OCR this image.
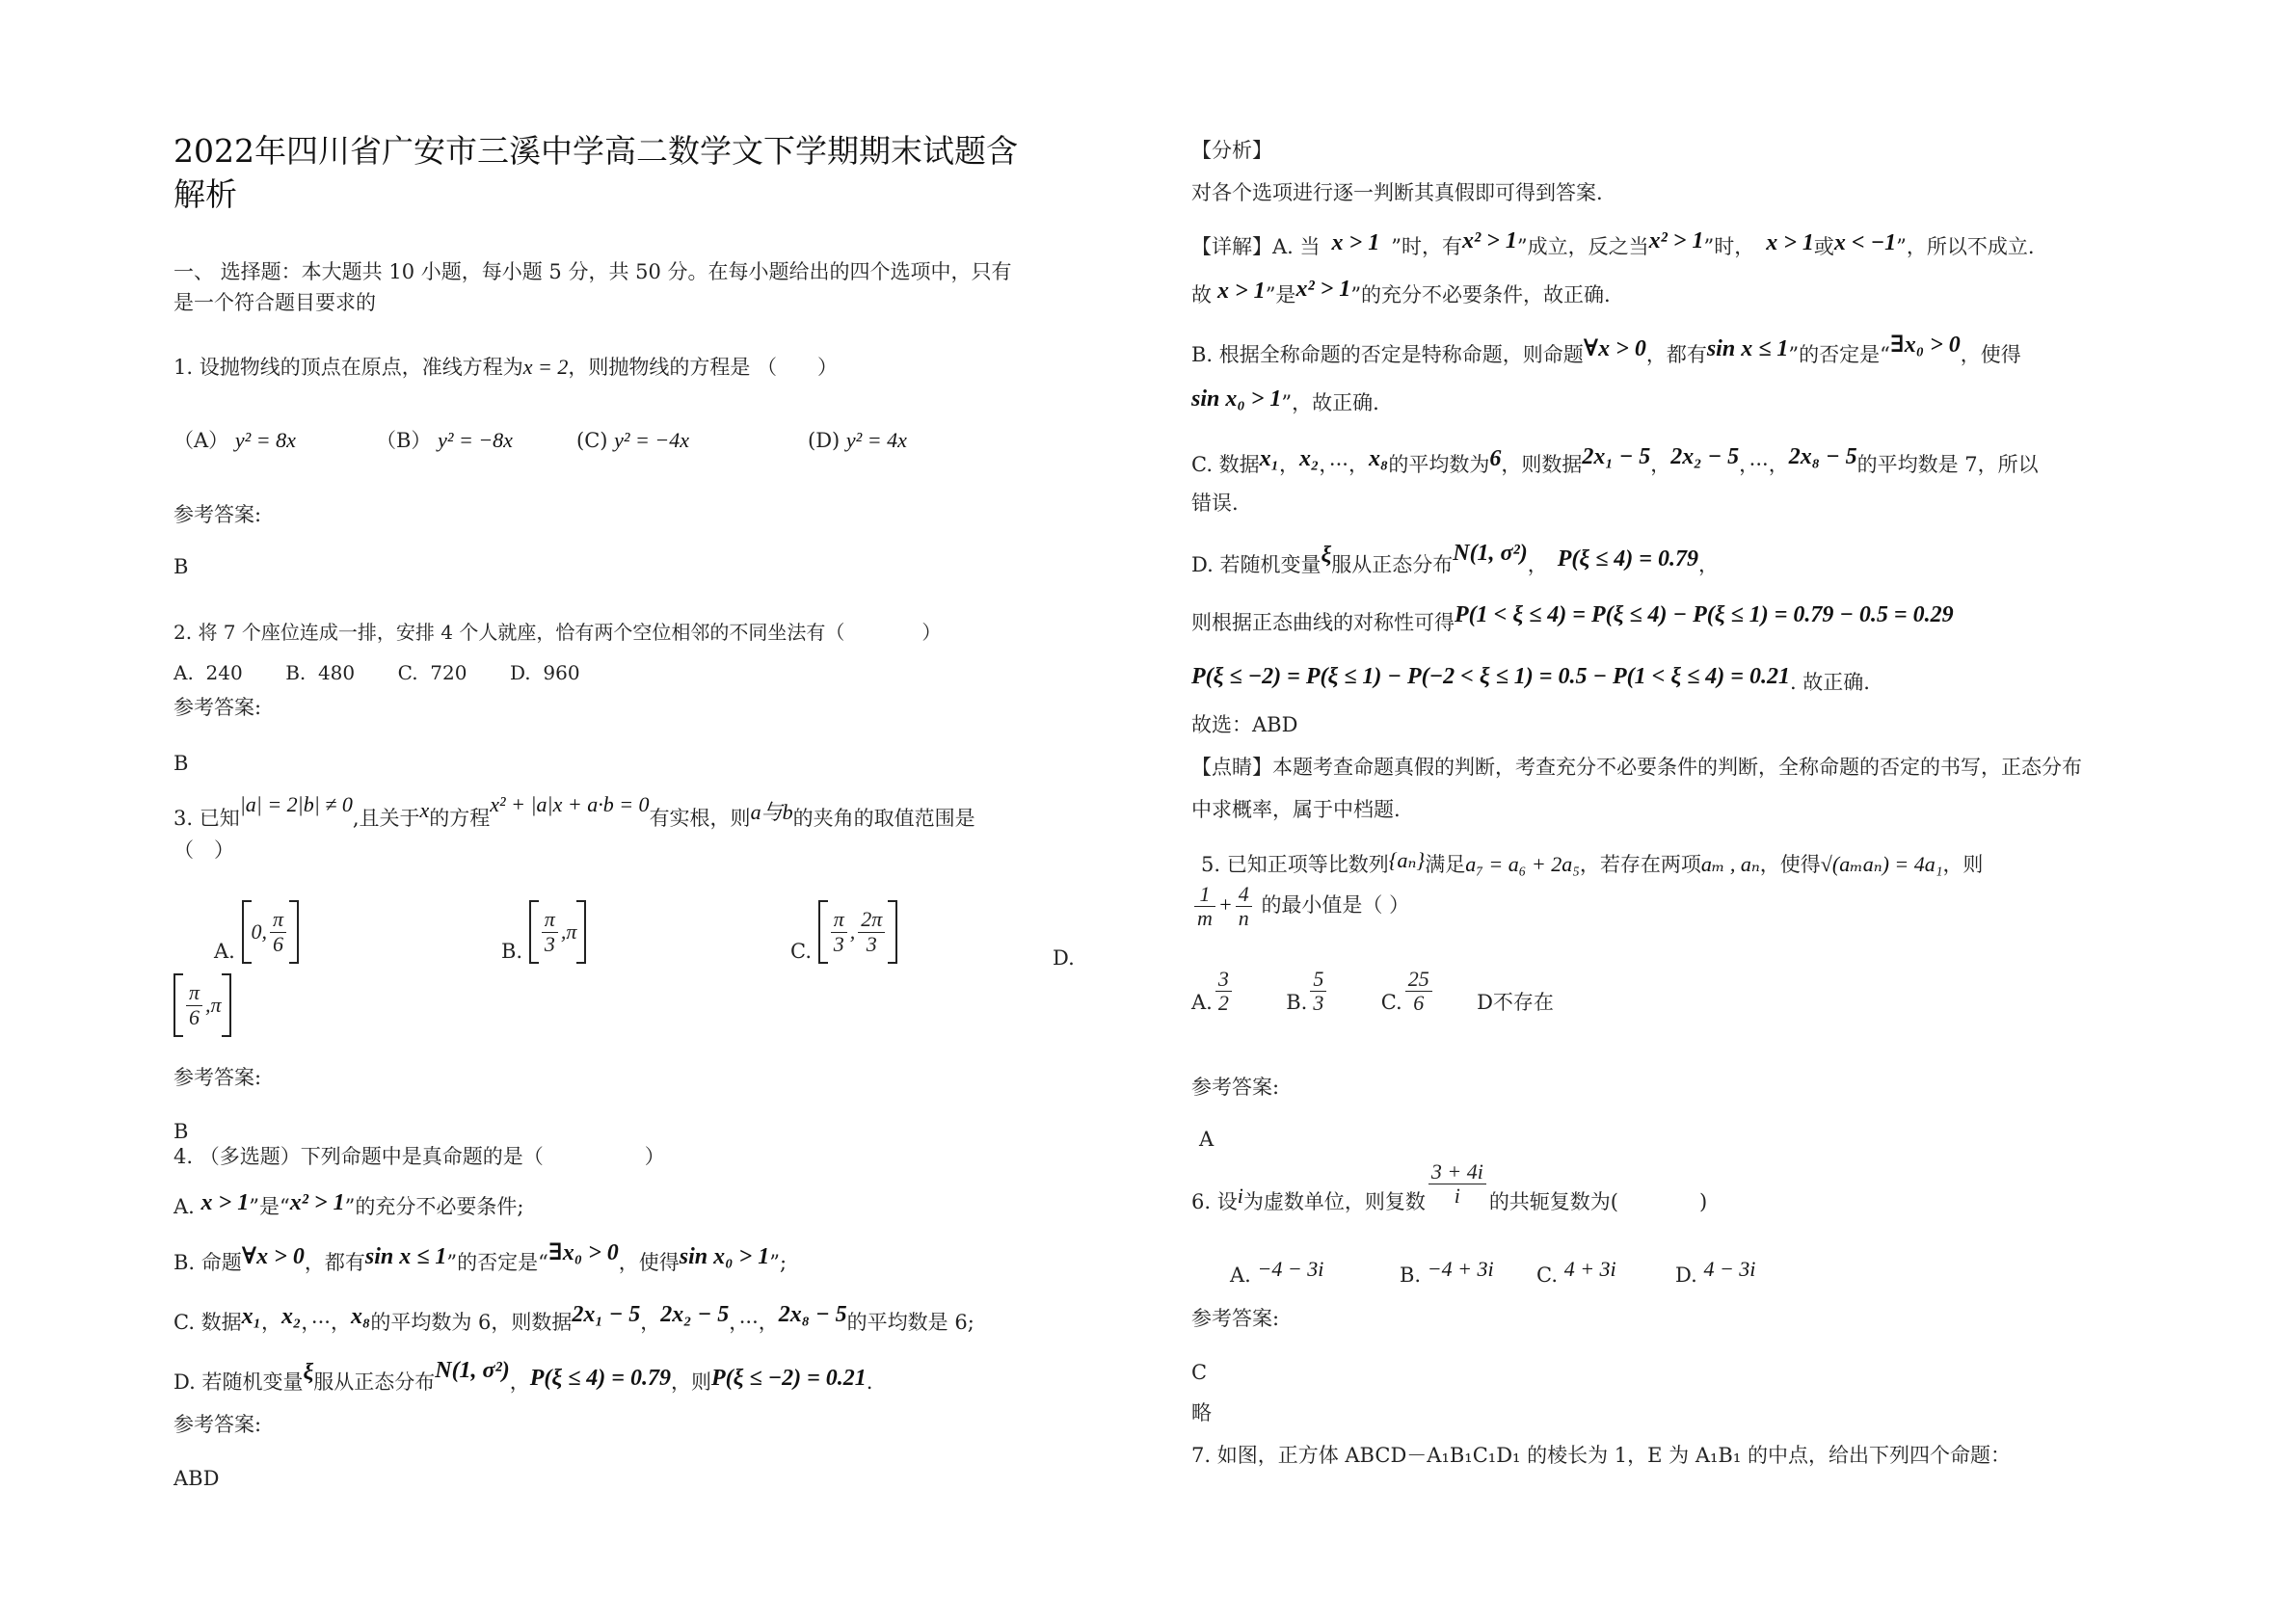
2022年四川省广安市三溪中学高二数学文下学期期末试题含
解析
一、 选择题：本大题共 10 小题，每小题 5 分，共 50 分。在每小题给出的四个选项中，只有
是一个符合题目要求的
1. 设抛物线的顶点在原点，准线方程为x = 2，则抛物线的方程是 （　　）
（A） y² = 8x	（B） y² = −8x	(C) y² = −4x	(D) y² = 4x
参考答案:
B
2. 将 7 个座位连成一排，安排 4 个人就座，恰有两个空位相邻的不同坐法有（　　　　）
A.  240       B.  480       C.  720       D.  960
参考答案:
B
3. 已知|a| = 2|b| ≠ 0,且关于x的方程x² + |a|x + a·b = 0有实根，则a与b的夹角的取值范围是
（　）
A.
0, $\frac{\pi}{6}$	B. $\frac{\pi}{3} ,\pi$
C. $\frac{\pi}{3}$ , $\frac{2\pi}{3}$
D.
$\frac{\pi}{6} ,\pi$
参考答案:
B
4. （多选题）下列命题中是真命题的是（　　　　　）
A. x > 1”是“x² > 1”的充分不必要条件;
B. 命题∀x > 0，都有sin x ≤ 1”的否定是“∃x₀ > 0，使得sin x₀ > 1”;
C. 数据x₁，x₂，···，x₈的平均数为 6，则数据2x₁ − 5，2x₂ − 5，···，2x₈ − 5的平均数是 6;
D. 若随机变量ξ服从正态分布N(1, σ²)，P(ξ ≤ 4) = 0.79，则P(ξ ≤ −2) = 0.21.
参考答案:
ABD
【分析】
对各个选项进行逐一判断其真假即可得到答案.
【详解】A. 当 x > 1 ”时，有x² > 1”成立，反之当x² > 1”时， x > 1或x < −1”，所以不成立.
故 x > 1”是x² > 1”的充分不必要条件，故正确.
B. 根据全称命题的否定是特称命题，则命题∀x > 0，都有sin x ≤ 1”的否定是“∃x₀ > 0，使得
sin x₀ > 1”，故正确.
C. 数据x₁，x₂，···，x₈的平均数为6，则数据2x₁ − 5，2x₂ − 5，···，2x₈ − 5的平均数是 7，所以
错误.
D. 若随机变量ξ服从正态分布N(1, σ²)， P(ξ ≤ 4) = 0.79，
则根据正态曲线的对称性可得P(1 < ξ ≤ 4) = P(ξ ≤ 4) − P(ξ ≤ 1) = 0.79 − 0.5 = 0.29
P(ξ ≤ −2) = P(ξ ≤ 1) − P(−2 < ξ ≤ 1) = 0.5 − P(1 < ξ ≤ 4) = 0.21. 故正确.
故选：ABD
【点睛】本题考查命题真假的判断，考查充分不必要条件的判断，全称命题的否定的书写，正态分布
中求概率，属于中档题.
5. 已知正项等比数列{aₙ}满足a₇ = a₆ + 2a₅，若存在两项aₘ , aₙ，使得√(aₘaₙ) = 4a₁，则
$\frac{1}{m} + \frac{4}{n}$ 的最小值是（ ）
A. $\frac{3}{2}$	B. $\frac{5}{3}$	C. $\frac{25}{6}$ D不存在
参考答案:
A
6. 设i为虚数单位，则复数 $\frac{3 + 4i}{i}$ 的共轭复数为(　　　　)
A. −4 − 3i	B. −4 + 3i C. 4 + 3i	D. 4 − 3i
参考答案:
C
略
7. 如图，正方体 ABCD－A₁B₁C₁D₁ 的棱长为 1，E 为 A₁B₁ 的中点，给出下列四个命题：
